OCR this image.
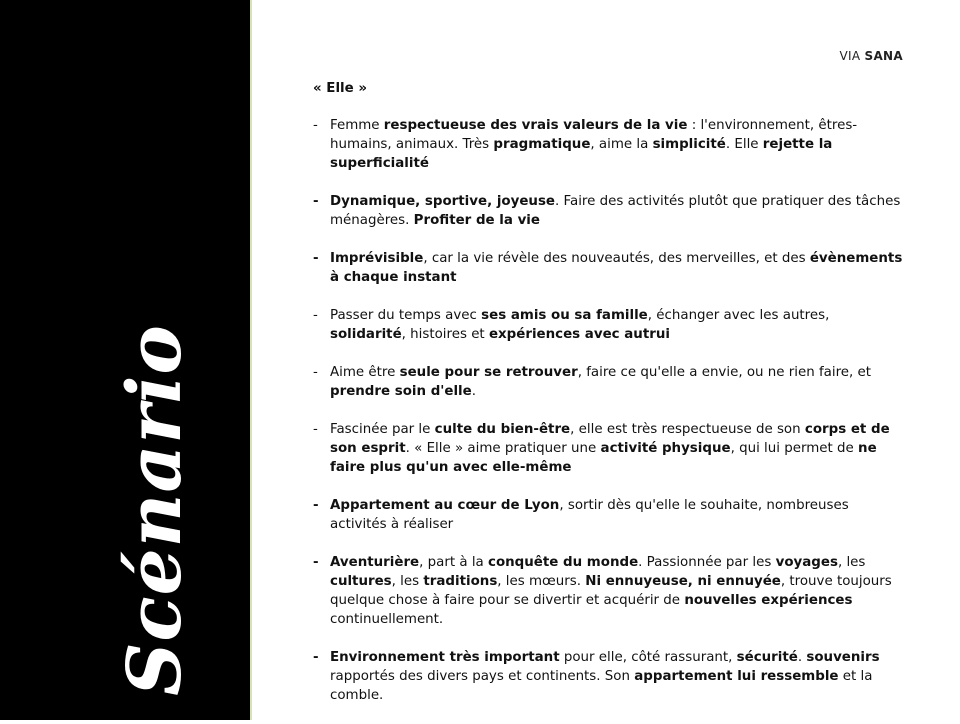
Scénario
VIA SANA
« Elle »
- Femme respectueuse des vrais valeurs de la vie : l'environnement, êtres-humains, animaux. Très pragmatique, aime la simplicité. Elle rejette la superficialité
- Dynamique, sportive, joyeuse. Faire des activités plutôt que pratiquer des tâches ménagères. Profiter de la vie
- Imprévisible, car la vie révèle des nouveautés, des merveilles, et des évènements à chaque instant
- Passer du temps avec ses amis ou sa famille, échanger avec les autres, solidarité, histoires et expériences avec autrui
- Aime être seule pour se retrouver, faire ce qu'elle a envie, ou ne rien faire, et prendre soin d'elle.
- Fascinée par le culte du bien-être, elle est très respectueuse de son corps et de son esprit. « Elle » aime pratiquer une activité physique, qui lui permet de ne faire plus qu'un avec elle-même
- Appartement au cœur de Lyon, sortir dès qu'elle le souhaite, nombreuses activités à réaliser
- Aventurière, part à la conquête du monde. Passionnée par les voyages, les cultures, les traditions, les mœurs. Ni ennuyeuse, ni ennuyée, trouve toujours quelque chose à faire pour se divertir et acquérir de nouvelles expériences continuellement.
- Environnement très important pour elle, côté rassurant, sécurité. souvenirs rapportés des divers pays et continents. Son appartement lui ressemble et la comble.
